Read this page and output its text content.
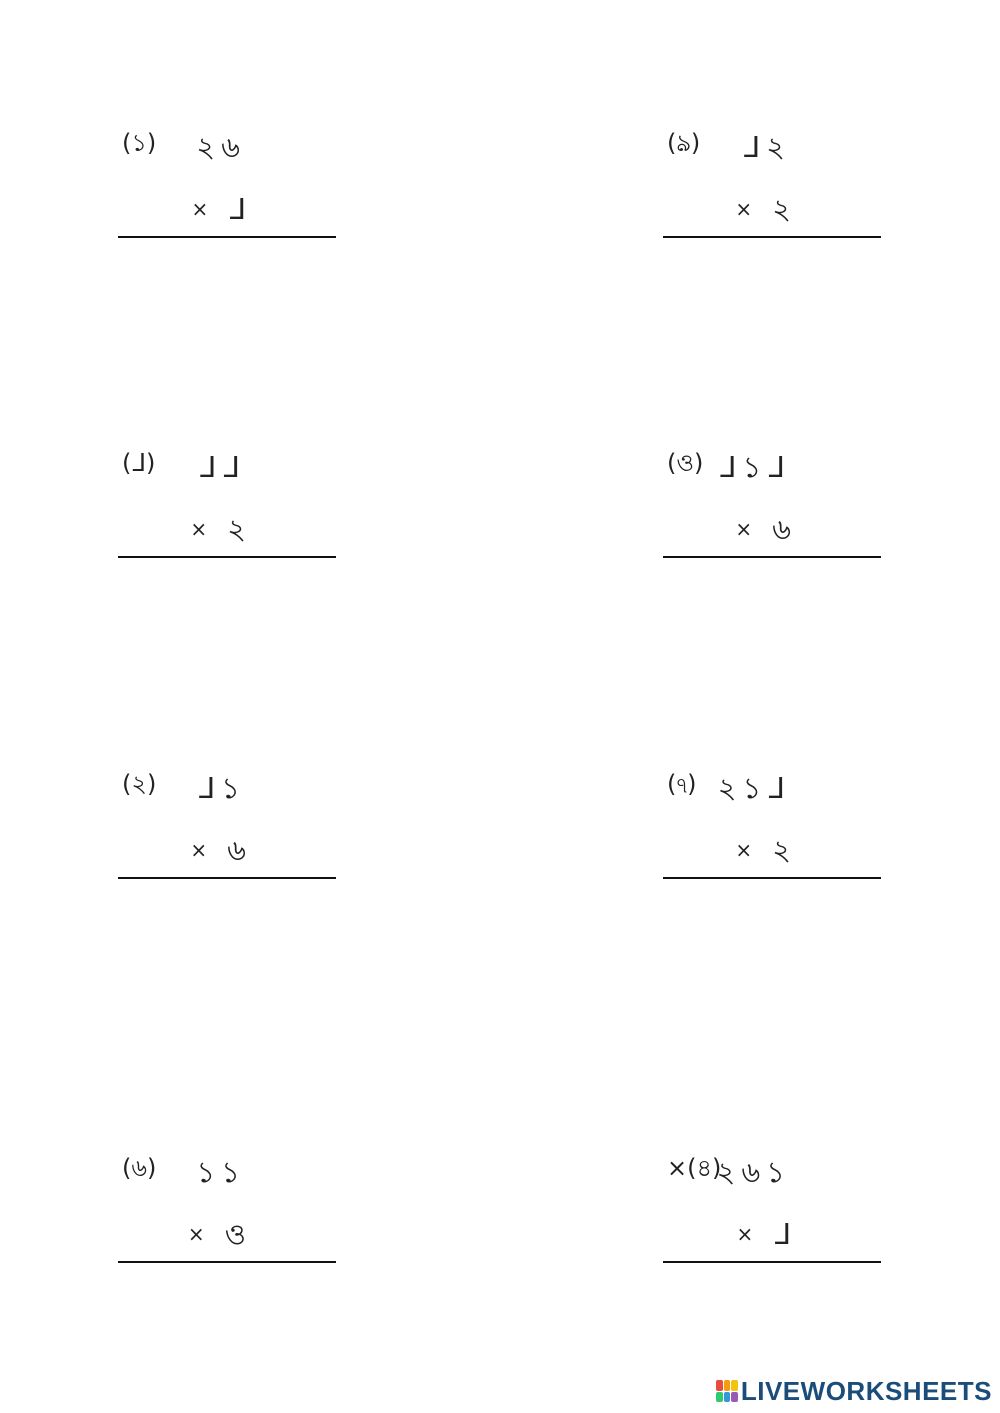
(১) ২৬
× ᒧ
(ᒧ) ᒧᒧ
× ২
(২) ᒧ১
× ৬
(৬) ১১
× ও
(ঌ) ᒧ২
× ২
(ও) ᒧ১ᒧ
× ৬
(ঀ) ২১ᒧ
× ২
×(৪)
২৬১
× ᒧ
LIVEWORKSHEETS
